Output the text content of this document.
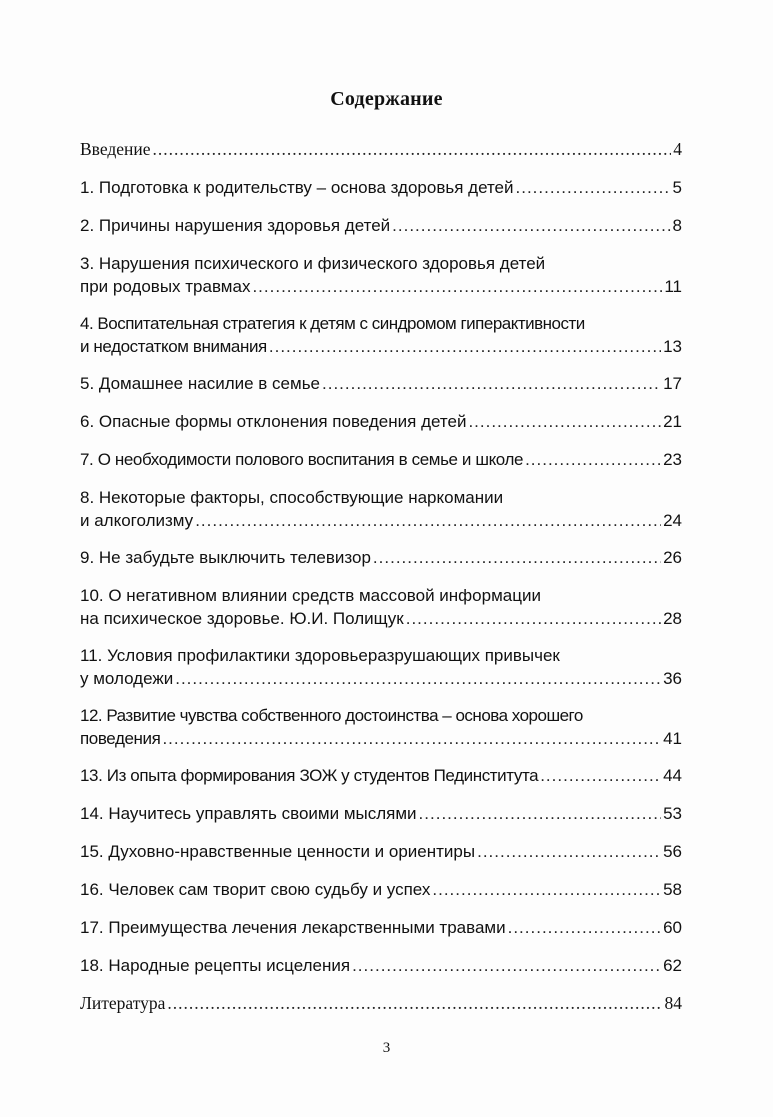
Содержание
Введение .....	4
1. Подготовка к родительству – основа здоровья детей .....	5
2. Причины нарушения здоровья детей .....	8
3. Нарушения психического и физического здоровья детей
при родовых травмах .....	11
4. Воспитательная стратегия к детям с синдромом гиперактивности
и недостатком внимания .....	13
5. Домашнее насилие в семье .....	17
6. Опасные формы отклонения поведения детей .....	21
7. О необходимости полового воспитания в семье и школе .....	23
8. Некоторые факторы, способствующие наркомании
и алкоголизму .....	24
9. Не забудьте выключить телевизор .....	26
10. О негативном влиянии средств массовой информации
на психическое здоровье. Ю.И. Полищук .....	28
11. Условия профилактики здоровьеразрушающих привычек
у молодежи .....	36
12. Развитие чувства собственного достоинства – основа хорошего
поведения .....	41
13. Из опыта формирования ЗОЖ у студентов Пединститута .....	44
14. Научитесь управлять своими мыслями .....	53
15. Духовно-нравственные ценности и ориентиры .....	56
16. Человек сам творит свою судьбу и успех .....	58
17. Преимущества лечения лекарственными травами .....	60
18. Народные рецепты исцеления .....	62
Литература .....	84
3
